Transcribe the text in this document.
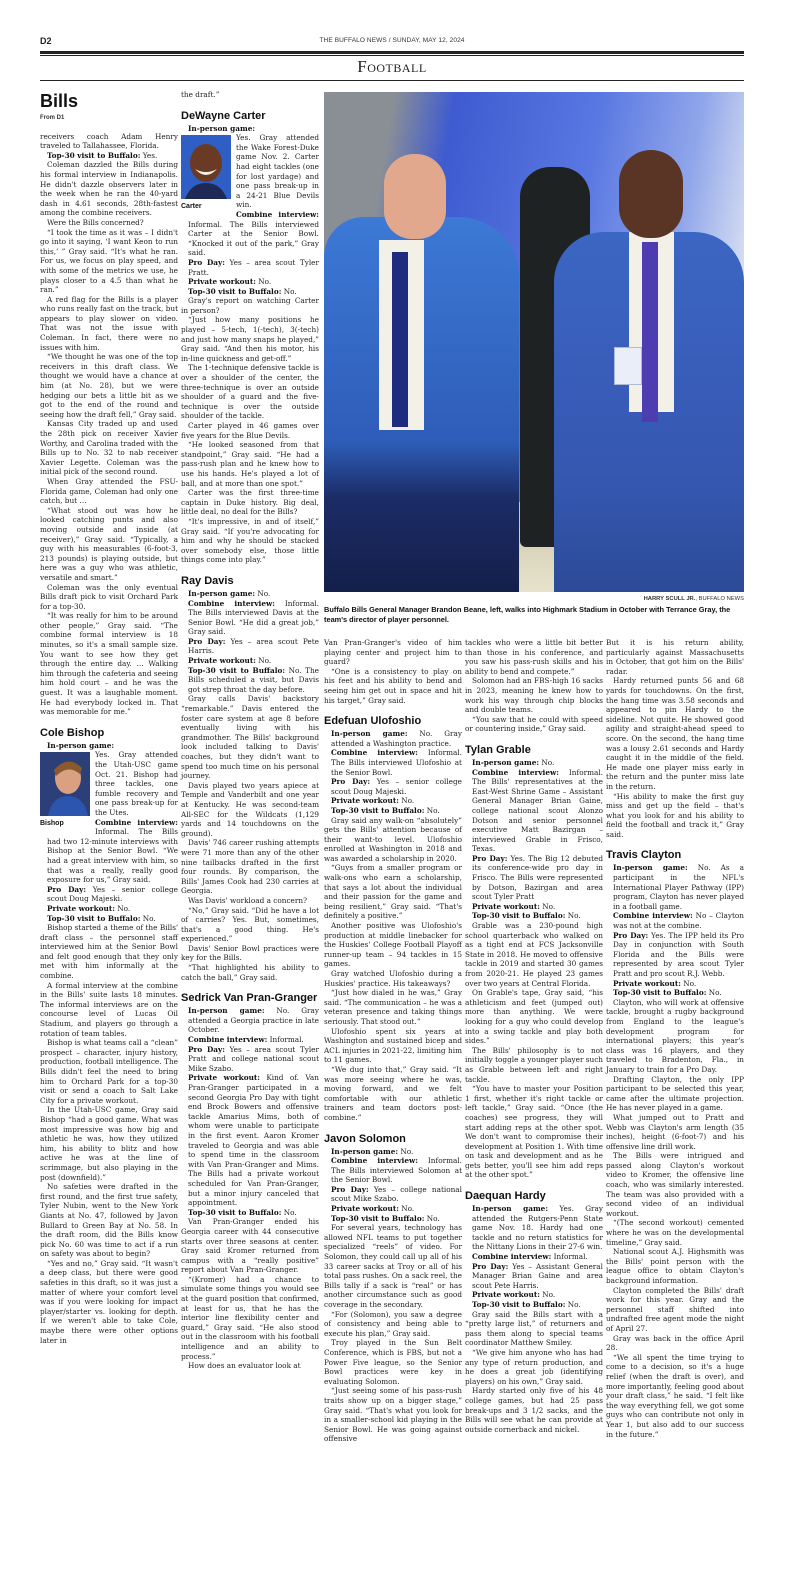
D2	THE BUFFALO NEWS / SUNDAY, MAY 12, 2024
Football
Bills
From D1

receivers coach Adam Henry traveled to Tallahassee, Florida.

Top-30 visit to Buffalo: Yes.

Coleman dazzled the Bills during his formal interview in Indianapolis. He didn't dazzle observers later in the week when he ran the 40-yard dash in 4.61 seconds, 28th-fastest among the combine receivers.

Were the Bills concerned?

“I took the time as it was – I didn't go into it saying, ‘I want Keon to run this,’ ” Gray said. “It's what he ran. For us, we focus on play speed, and with some of the metrics we use, he plays closer to a 4.5 than what he ran.”

A red flag for the Bills is a player who runs really fast on the track, but appears to play slower on video. That was not the issue with Coleman. In fact, there were no issues with him.

“We thought he was one of the top receivers in this draft class. We thought we would have a chance at him (at No. 28), but we were hedging our bets a little bit as we got to the end of the round and seeing how the draft fell,” Gray said.

Kansas City traded up and used the 28th pick on receiver Xavier Worthy, and Carolina traded with the Bills up to No. 32 to nab receiver Xavier Legette. Coleman was the initial pick of the second round.

When Gray attended the FSU-Florida game, Coleman had only one catch, but …

“What stood out was how he looked catching punts and also moving outside and inside (at receiver),” Gray said. “Typically, a guy with his measurables (6-foot-3, 213 pounds) is playing outside, but here was a guy who was athletic, versatile and smart.”

Coleman was the only eventual Bills draft pick to visit Orchard Park for a top-30.

“It was really for him to be around other people,” Gray said. “The combine formal interview is 18 minutes, so it's a small sample size. You want to see how they get through the entire day. … Walking him through the cafeteria and seeing him hold court – and he was the guest. It was a laughable moment. He had everybody locked in. That was memorable for me.”

Cole Bishop

In-person game:

Bishop

Yes. Gray attended the Utah-USC game Oct. 21. Bishop had three tackles, one fumble recovery and one pass break-up for the Utes.

Combine interview: Informal. The Bills had two 12-minute interviews with Bishop at the Senior Bowl. “We had a great interview with him, so that was a really, really good exposure for us,” Gray said.

Pro Day: Yes – senior college scout Doug Majeski.

Private workout: No.

Top-30 visit to Buffalo: No.

Bishop started a theme of the Bills' draft class – the personnel staff interviewed him at the Senior Bowl and felt good enough that they only met with him informally at the combine.

A formal interview at the combine in the Bills' suite lasts 18 minutes. The informal interviews are on the concourse level of Lucas Oil Stadium, and players go through a rotation of team tables.

Bishop is what teams call a “clean” prospect – character, injury history, production, football intelligence. The Bills didn't feel the need to bring him to Orchard Park for a top-30 visit or send a coach to Salt Lake City for a private workout.

In the Utah-USC game, Gray said Bishop “had a good game. What was most impressive was how big and athletic he was, how they utilized him, his ability to blitz and how active he was at the line of scrimmage, but also playing in the post (downfield).”

No safeties were drafted in the first round, and the first true safety, Tyler Nubin, went to the New York Giants at No. 47, followed by Javon Bullard to Green Bay at No. 58. In the draft room, did the Bills know pick No. 60 was time to act if a run on safety was about to begin?

“Yes and no,” Gray said. “It wasn't a deep class, but there were good safeties in this draft, so it was just a matter of where your comfort level was if you were looking for impact player/starter vs. looking for depth. If we weren't able to take Cole, maybe there were other options later in

the draft.”

DeWayne Carter

In-person game:

Carter

Yes. Gray attended the Wake Forest-Duke game Nov. 2. Carter had eight tackles (one for lost yardage) and one pass break-up in a 24-21 Blue Devils win.

Combine interview: Informal. The Bills interviewed Carter at the Senior Bowl. “Knocked it out of the park,” Gray said.

Pro Day: Yes – area scout Tyler Pratt.

Private workout: No.

Top-30 visit to Buffalo: No.

Gray's report on watching Carter in person?

“Just how many positions he played – 5-tech, 1(-tech), 3(-tech) and just how many snaps he played,” Gray said. “And then his motor, his in-line quickness and get-off.”

The 1-technique defensive tackle is over a shoulder of the center, the three-technique is over an outside shoulder of a guard and the five-technique is over the outside shoulder of the tackle.

Carter played in 46 games over five years for the Blue Devils.

“He looked seasoned from that standpoint,” Gray said. “He had a pass-rush plan and he knew how to use his hands. He's played a lot of ball, and at more than one spot.”

Carter was the first three-time captain in Duke history. Big deal, little deal, no deal for the Bills?

“It's impressive, in and of itself,” Gray said. “If you're advocating for him and why he should be stacked over somebody else, those little things come into play.”

Ray Davis

In-person game: No.

Combine interview: Informal. The Bills interviewed Davis at the Senior Bowl. “He did a great job,” Gray said.

Pro Day: Yes – area scout Pete Harris.

Private workout: No.

Top-30 visit to Buffalo: No. The Bills scheduled a visit, but Davis got strep throat the day before.

Gray calls Davis' backstory “remarkable.” Davis entered the foster care system at age 8 before eventually living with his grandmother. The Bills' background look included talking to Davis' coaches, but they didn't want to spend too much time on his personal journey.

Davis played two years apiece at Temple and Vanderbilt and one year at Kentucky. He was second-team All-SEC for the Wildcats (1,129 yards and 14 touchdowns on the ground).

Davis' 746 career rushing attempts were 71 more than any of the other nine tailbacks drafted in the first four rounds. By comparison, the Bills' James Cook had 230 carries at Georgia.

Was Davis' workload a concern?

“No,” Gray said. “Did he have a lot of carries? Yes. But, sometimes, that's a good thing. He's experienced.”

Davis' Senior Bowl practices were key for the Bills.

“That highlighted his ability to catch the ball,” Gray said.

Sedrick Van Pran-Granger

In-person game: No. Gray attended a Georgia practice in late October.

Combine interview: Informal.

Pro Day: Yes – area scout Tyler Pratt and college national scout Mike Szabo.

Private workout: Kind of. Van Pran-Granger participated in a second Georgia Pro Day with tight end Brock Bowers and offensive tackle Amarius Mims, both of whom were unable to participate in the first event. Aaron Kromer traveled to Georgia and was able to spend time in the classroom with Van Pran-Granger and Mims. The Bills had a private workout scheduled for Van Pran-Granger, but a minor injury canceled that appointment.

Top-30 visit to Buffalo: No.

Van Pran-Granger ended his Georgia career with 44 consecutive starts over three seasons at center. Gray said Kromer returned from campus with a “really positive” report about Van Pran-Granger.

“(Kromer) had a chance to simulate some things you would see at the guard position that confirmed, at least for us, that he has the interior line flexibility center and guard,” Gray said. “He also stood out in the classroom with his football intelligence and an ability to process.”

How does an evaluator look at

HARRY SCULL JR., BUFFALO NEWS
Buffalo Bills General Manager Brandon Beane, left, walks into Highmark Stadium in October with Terrance Gray, the team's director of player personnel.

Van Pran-Granger's video of him playing center and project him to guard?

“One is a consistency to play on his feet and his ability to bend and seeing him get out in space and hit his target,” Gray said.

Edefuan Ulofoshio

In-person game: No. Gray attended a Washington practice.

Combine interview: Informal. The Bills interviewed Ulofoshio at the Senior Bowl.

Pro Day: Yes – senior college scout Doug Majeski.

Private workout: No.

Top-30 visit to Buffalo: No.

Gray said any walk-on “absolutely” gets the Bills' attention because of their want-to level. Ulofoshio enrolled at Washington in 2018 and was awarded a scholarship in 2020.

“Guys from a smaller program or walk-ons who earn a scholarship, that says a lot about the individual and their passion for the game and being resilient,” Gray said. “That's definitely a positive.”

Another positive was Ulofoshio's production at middle linebacker for the Huskies' College Football Playoff runner-up team – 94 tackles in 15 games.

Gray watched Ulofoshio during a Huskies' practice. His takeaways?

“Just how dialed in he was,” Gray said. “The communication – he was a veteran presence and taking things seriously. That stood out.”

Ulofoshio spent six years at Washington and sustained bicep and ACL injuries in 2021-22, limiting him to 11 games.

“We dug into that,” Gray said. “It was more seeing where he was, moving forward, and we felt comfortable with our athletic trainers and team doctors post-combine.”

Javon Solomon

In-person game: No.

Combine interview: Informal. The Bills interviewed Solomon at the Senior Bowl.

Pro Day: Yes – college national scout Mike Szabo.

Private workout: No.

Top-30 visit to Buffalo: No.

For several years, technology has allowed NFL teams to put together specialized “reels” of video. For Solomon, they could call up all of his 33 career sacks at Troy or all of his total pass rushes. On a sack reel, the Bills tally if a sack is “real” or has another circumstance such as good coverage in the secondary.

“For (Solomon), you saw a degree of consistency and being able to execute his plan,” Gray said.

Troy played in the Sun Belt Conference, which is FBS, but not a Power Five league, so the Senior Bowl practices were key in evaluating Solomon.

“Just seeing some of his pass-rush traits show up on a bigger stage,” Gray said. “That's what you look for in a smaller-school kid playing in the Senior Bowl. He was going against offensive

tackles who were a little bit better than those in his conference, and you saw his pass-rush skills and his ability to bend and compete.”

Solomon had an FBS-high 16 sacks in 2023, meaning he knew how to work his way through chip blocks and double teams.

“You saw that he could with speed or countering inside,” Gray said.

Tylan Grable

In-person game: No.

Combine interview: Informal. The Bills' representatives at the East-West Shrine Game – Assistant General Manager Brian Gaine, college national scout Alonzo Dotson and senior personnel executive Matt Bazirgan – interviewed Grable in Frisco, Texas.

Pro Day: Yes. The Big 12 debuted its conference-wide pro day in Frisco. The Bills were represented by Dotson, Bazirgan and area scout Tyler Pratt

Private workout: No.

Top-30 visit to Buffalo: No.

Grable was a 230-pound high school quarterback who walked on as a tight end at FCS Jacksonville State in 2018. He moved to offensive tackle in 2019 and started 30 games from 2020-21. He played 23 games over two years at Central Florida.

On Grable's tape, Gray said, “his athleticism and feet (jumped out) more than anything. We were looking for a guy who could develop into a swing tackle and play both sides.”

The Bills' philosophy is to not initially toggle a younger player such as Grable between left and right tackle.

“You have to master your Position 1 first, whether it's right tackle or left tackle,” Gray said. “Once (the coaches) see progress, they will start adding reps at the other spot. We don't want to compromise their development at Position 1. With time on task and development and as he gets better, you'll see him add reps at the other spot.”

Daequan Hardy

In-person game: Yes. Gray attended the Rutgers-Penn State game Nov. 18. Hardy had one tackle and no return statistics for the Nittany Lions in their 27-6 win.

Combine interview: Informal.

Pro Day: Yes – Assistant General Manager Brian Gaine and area scout Pete Harris.

Private workout: No.

Top-30 visit to Buffalo: No.

Gray said the Bills start with a “pretty large list,” of returners and pass them along to special teams coordinator Matthew Smiley.

“We give him anyone who has had any type of return production, and he does a great job (identifying players) on his own,” Gray said.

Hardy started only five of his 48 college games, but had 25 pass break-ups and 3 1/2 sacks, and the Bills will see what he can provide at outside cornerback and nickel.

But it is his return ability, particularly against Massachusetts in October, that got him on the Bills' radar.

Hardy returned punts 56 and 68 yards for touchdowns. On the first, the hang time was 3.58 seconds and appeared to pin Hardy to the sideline. Not quite. He showed good agility and straight-ahead speed to score. On the second, the hang time was a lousy 2.61 seconds and Hardy caught it in the middle of the field. He made one player miss early in the return and the punter miss late in the return.

“His ability to make the first guy miss and get up the field – that's what you look for and his ability to field the football and track it,” Gray said.

Travis Clayton

In-person game: No. As a participant in the NFL's International Player Pathway (IPP) program, Clayton has never played in a football game.

Combine interview: No – Clayton was not at the combine.

Pro Day: Yes. The IPP held its Pro Day in conjunction with South Florida and the Bills were represented by area scout Tyler Pratt and pro scout R.J. Webb.

Private workout: No.

Top-30 visit to Buffalo: No.

Clayton, who will work at offensive tackle, brought a rugby background from England to the league's development program for international players; this year's class was 16 players, and they traveled to Bradenton, Fla., in January to train for a Pro Day.

Drafting Clayton, the only IPP participant to be selected this year, came after the ultimate projection. He has never played in a game.

What jumped out to Pratt and Webb was Clayton's arm length (35 inches), height (6-foot-7) and his offensive line drill work.

The Bills were intrigued and passed along Clayton's workout video to Kromer, the offensive line coach, who was similarly interested. The team was also provided with a second video of an individual workout.

“(The second workout) cemented where he was on the developmental timeline,” Gray said.

National scout A.J. Highsmith was the Bills' point person with the league office to obtain Clayton's background information.

Clayton completed the Bills' draft work for this year. Gray and the personnel staff shifted into undrafted free agent mode the night of April 27.

Gray was back in the office April 28.

“We all spent the time trying to come to a decision, so it's a huge relief (when the draft is over), and more importantly, feeling good about your draft class,” he said. “I felt like the way everything fell, we got some guys who can contribute not only in Year 1, but also add to our success in the future.”
